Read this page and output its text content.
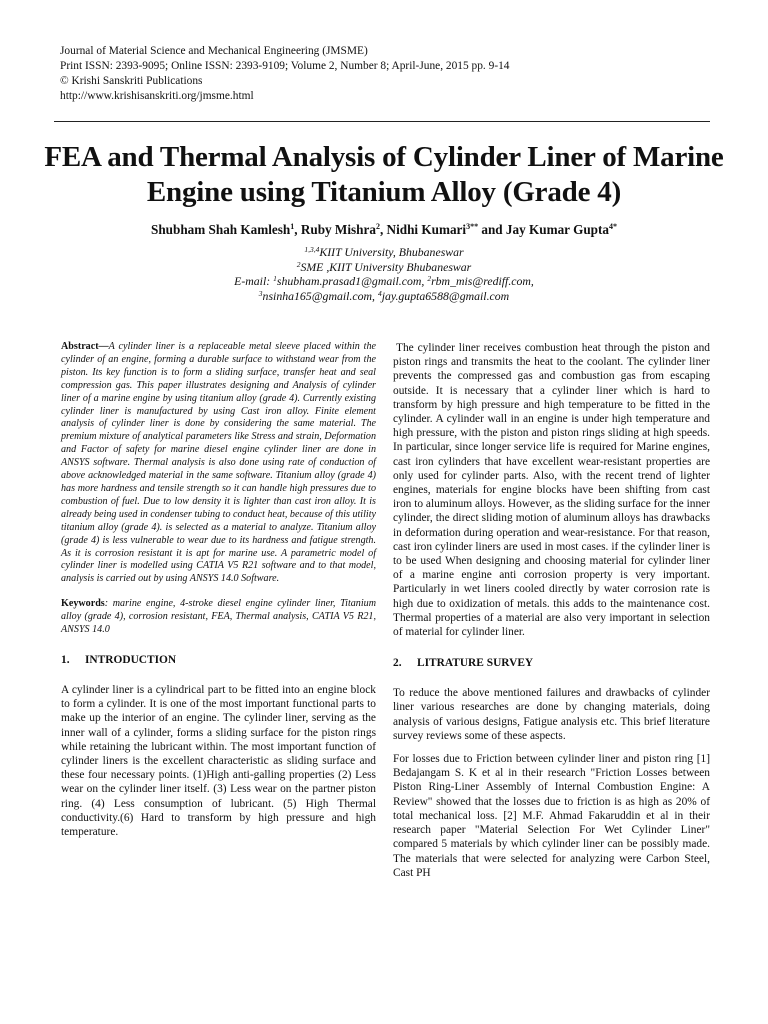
Journal of Material Science and Mechanical Engineering (JMSME)
Print ISSN: 2393-9095; Online ISSN: 2393-9109; Volume 2, Number 8; April-June, 2015 pp. 9-14
© Krishi Sanskriti Publications
http://www.krishisanskriti.org/jmsme.html
FEA and Thermal Analysis of Cylinder Liner of Marine Engine using Titanium Alloy (Grade 4)
Shubham Shah Kamlesh$^1$, Ruby Mishra$^2$, Nidhi Kumari$^{3**}$ and Jay Kumar Gupta$^{4*}$
$^{1,3,4}$KIIT University, Bhubaneswar
$^2$SME ,KIIT University Bhubaneswar
E-mail: $^1$shubham.prasad1@gmail.com, $^2$rbm_mis@rediff.com,
$^3$nsinha165@gmail.com, $^4$jay.gupta6588@gmail.com

Abstract—A cylinder liner is a replaceable metal sleeve placed within the cylinder of an engine, forming a durable surface to withstand wear from the piston. Its key function is to form a sliding surface, transfer heat and seal compression gas. This paper illustrates designing and Analysis of cylinder liner of a marine engine by using titanium alloy (grade 4). Currently existing cylinder liner is manufactured by using Cast iron alloy. Finite element analysis of cylinder liner is done by considering the same material. The premium mixture of analytical parameters like Stress and strain, Deformation and Factor of safety for marine diesel engine cylinder liner are done in ANSYS software. Thermal analysis is also done using rate of conduction of above acknowledged material in the same software. Titanium alloy (grade 4) has more hardness and tensile strength so it can handle high pressures due to combustion of fuel. Due to low density it is lighter than cast iron alloy. It is already being used in condenser tubing to conduct heat, because of this utility titanium alloy (grade 4). is selected as a material to analyze. Titanium alloy (grade 4) is less vulnerable to wear due to its hardness and fatigue strength. As it is corrosion resistant it is apt for marine use. A parametric model of cylinder liner is modelled using CATIA V5 R21 software and to that model, analysis is carried out by using ANSYS 14.0 Software.

Keywords: marine engine, 4-stroke diesel engine cylinder liner, Titanium alloy (grade 4), corrosion resistant, FEA, Thermal analysis, CATIA V5 R21, ANSYS 14.0

1. INTRODUCTION

A cylinder liner is a cylindrical part to be fitted into an engine block to form a cylinder. It is one of the most important functional parts to make up the interior of an engine. The cylinder liner, serving as the inner wall of a cylinder, forms a sliding surface for the piston rings while retaining the lubricant within. The most important function of cylinder liners is the excellent characteristic as sliding surface and these four necessary points. (1)High anti-galling properties (2) Less wear on the cylinder liner itself. (3) Less wear on the partner piston ring. (4) Less consumption of lubricant. (5) High Thermal conductivity.(6) Hard to transform by high pressure and high temperature.

The cylinder liner receives combustion heat through the piston and piston rings and transmits the heat to the coolant. The cylinder liner prevents the compressed gas and combustion gas from escaping outside. It is necessary that a cylinder liner which is hard to transform by high pressure and high temperature to be fitted in the cylinder. A cylinder wall in an engine is under high temperature and high pressure, with the piston and piston rings sliding at high speeds. In particular, since longer service life is required for Marine engines, cast iron cylinders that have excellent wear-resistant properties are only used for cylinder parts. Also, with the recent trend of lighter engines, materials for engine blocks have been shifting from cast iron to aluminum alloys. However, as the sliding surface for the inner cylinder, the direct sliding motion of aluminum alloys has drawbacks in deformation during operation and wear-resistance. For that reason, cast iron cylinder liners are used in most cases. if the cylinder liner is to be used When designing and choosing material for cylinder liner of a marine engine anti corrosion property is very important. Particularly in wet liners cooled directly by water corrosion rate is high due to oxidization of metals. this adds to the maintenance cost. Thermal properties of a material are also very important in selection of material for cylinder liner.

2. LITRATURE SURVEY

To reduce the above mentioned failures and drawbacks of cylinder liner various researches are done by changing materials, doing analysis of various designs, Fatigue analysis etc. This brief literature survey reviews some of these aspects.

For losses due to Friction between cylinder liner and piston ring [1] Bedajangam S. K et al in their research "Friction Losses between Piston Ring-Liner Assembly of Internal Combustion Engine: A Review" showed that the losses due to friction is as high as 20% of total mechanical loss. [2] M.F. Ahmad Fakaruddin et al in their research paper "Material Selection For Wet Cylinder Liner" compared 5 materials by which cylinder liner can be possibly made. The materials that were selected for analyzing were Carbon Steel, Cast PH
